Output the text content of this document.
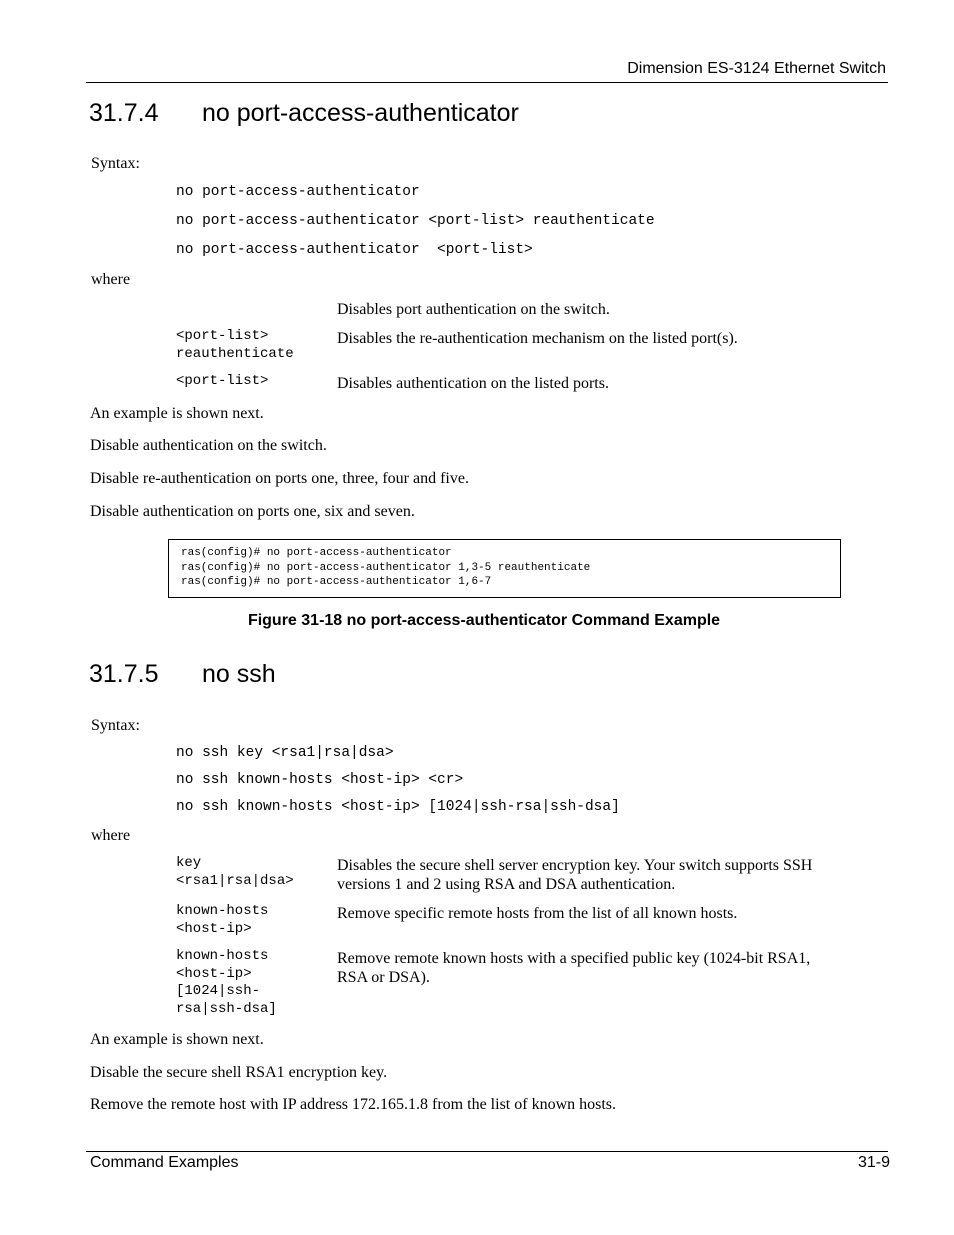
Dimension ES-3124 Ethernet Switch
31.7.4 no port-access-authenticator
Syntax:
no port-access-authenticator
no port-access-authenticator <port-list> reauthenticate
no port-access-authenticator  <port-list>
where
Disables port authentication on the switch.
<port-list>
reauthenticate
Disables the re-authentication mechanism on the listed port(s).
<port-list>	Disables authentication on the listed ports.
An example is shown next.
Disable authentication on the switch.
Disable re-authentication on ports one, three, four and five.
Disable authentication on ports one, six and seven.
ras(config)# no port-access-authenticator
ras(config)# no port-access-authenticator 1,3-5 reauthenticate
ras(config)# no port-access-authenticator 1,6-7
Figure 31-18 no port-access-authenticator Command Example
31.7.5 no ssh
Syntax:
no ssh key <rsa1|rsa|dsa>
no ssh known-hosts <host-ip> <cr>
no ssh known-hosts <host-ip> [1024|ssh-rsa|ssh-dsa]
where
key
<rsa1|rsa|dsa>
Disables the secure shell server encryption key. Your switch supports SSH
versions 1 and 2 using RSA and DSA authentication.
known-hosts
<host-ip>
Remove specific remote hosts from the list of all known hosts.
known-hosts
<host-ip>
[1024|ssh-
rsa|ssh-dsa]
Remove remote known hosts with a specified public key (1024-bit RSA1,
RSA or DSA).
An example is shown next.
Disable the secure shell RSA1 encryption key.
Remove the remote host with IP address 172.165.1.8 from the list of known hosts.
Command Examples	31-9
